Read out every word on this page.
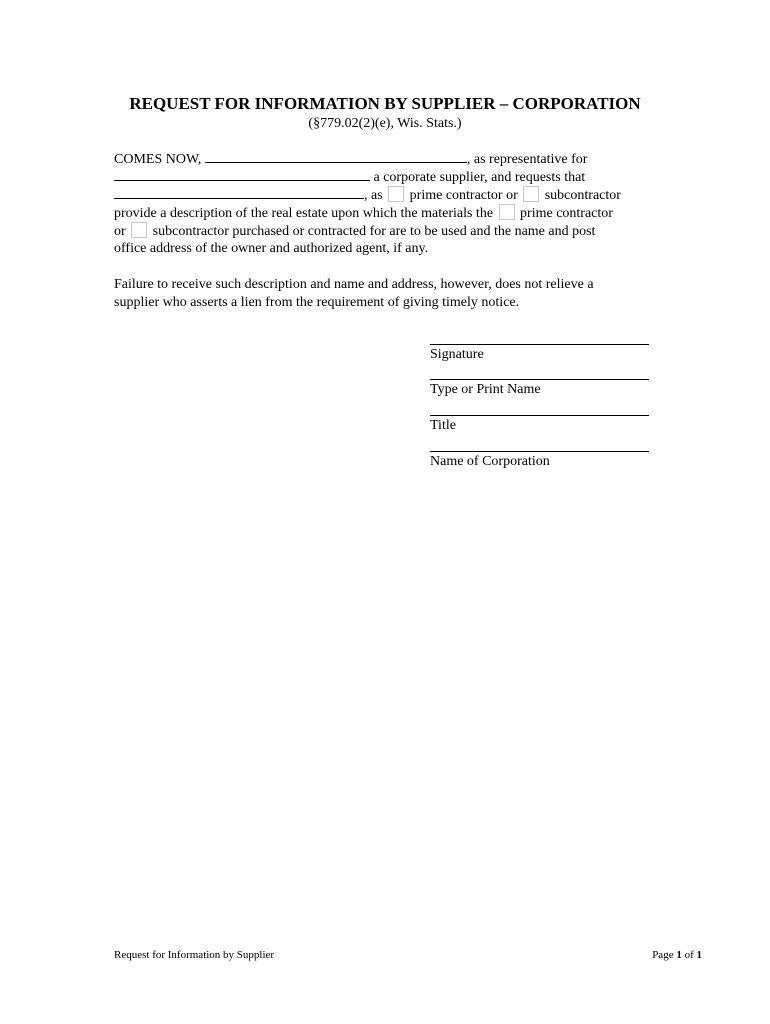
REQUEST FOR INFORMATION BY SUPPLIER – CORPORATION
(§779.02(2)(e), Wis. Stats.)
COMES NOW,	, as representative for
a corporate supplier, and requests that
, as  prime contractor or  subcontractor
provide a description of the real estate upon which the materials the  prime contractor
or  subcontractor purchased or contracted for are to be used and the name and post
office address of the owner and authorized agent, if any.
Failure to receive such description and name and address, however, does not relieve a
supplier who asserts a lien from the requirement of giving timely notice.
Signature
Type or Print Name
Title
Name of Corporation
Request for Information by Supplier	Page 1 of 1
